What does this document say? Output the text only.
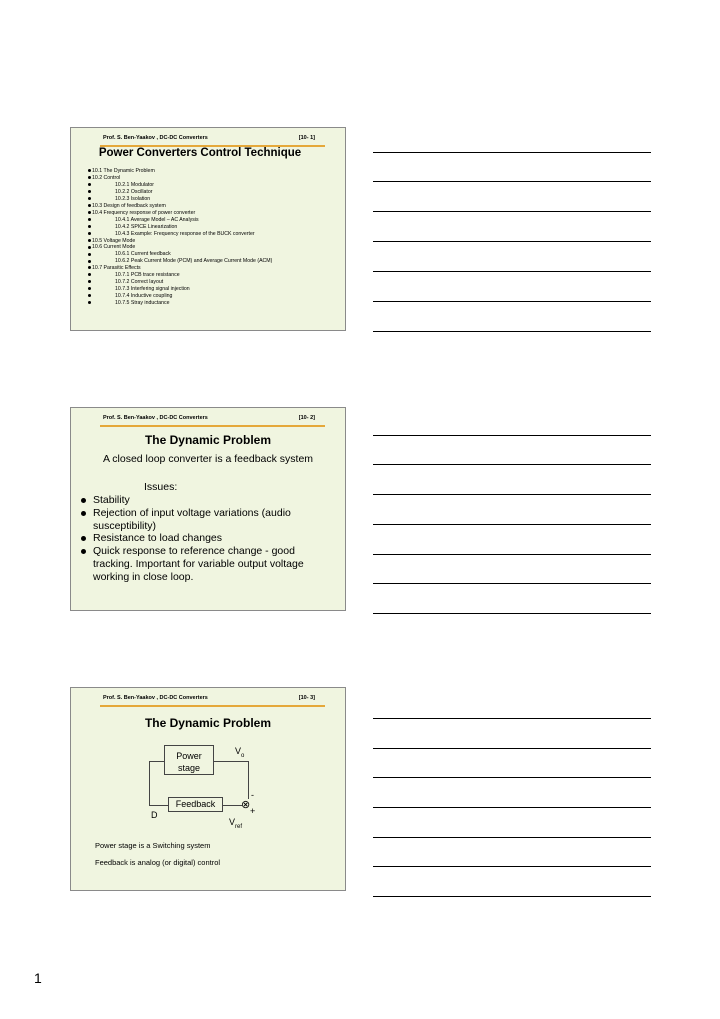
Prof. S. Ben-Yaakov , DC-DC Converters	[10- 1]
Power Converters Control Technique
10.1 The Dynamic Problem
10.2 Control
10.2.1 Modulator
10.2.2 Oscillator
10.2.3 Isolation
10.3 Design of feedback system
10.4 Frequency response of power converter
10.4.1 Average Model – AC Analysis
10.4.2 SPICE Linearization
10.4.3 Example: Frequency response of the BUCK converter
10.5 Voltage Mode
10.6 Current Mode
10.6.1 Current feedback
10.6.2 Peak Current Mode (PCM) and Average Current Mode (ACM)
10.7 Parasitic Effects
10.7.1 PCB trace resistance
10.7.2 Correct layout
10.7.3 Interfering signal injection
10.7.4 Inductive coupling
10.7.5 Stray inductance
Prof. S. Ben-Yaakov , DC-DC Converters	[10- 2]
The Dynamic Problem
A closed loop converter is a feedback system
Issues:
Stability
Rejection of input voltage variations (audio susceptibility)
Resistance to load changes
Quick response to reference change - good tracking. Important for variable output voltage working in close loop.
Prof. S. Ben-Yaakov , DC-DC Converters	[10- 3]
The Dynamic Problem
Power
stage
Feedback
$V_o$
⊗
-
+
D
$V_{ref}$
Power stage is a Switching system
Feedback is analog (or digital) control
1
